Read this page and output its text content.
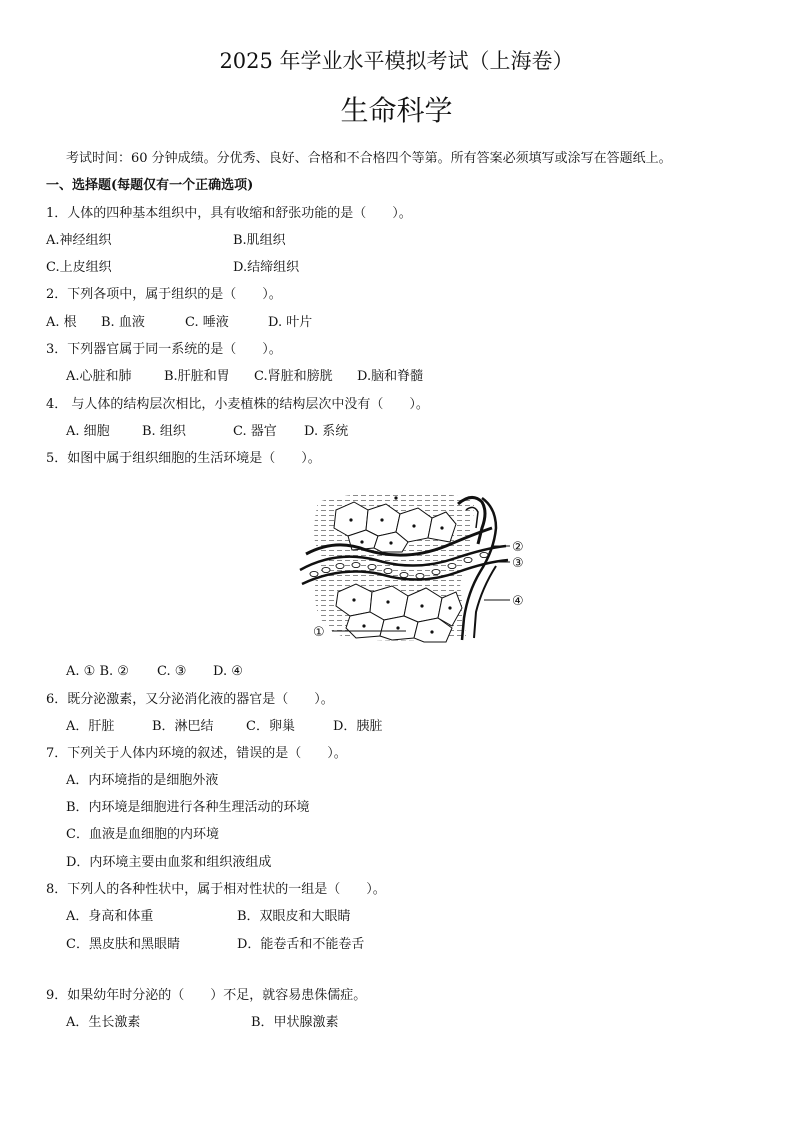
2025 年学业水平模拟考试（上海卷）
生命科学
考试时间：60 分钟成绩。分优秀、良好、合格和不合格四个等第。所有答案必须填写或涂写在答题纸上。
一、选择题(每题仅有一个正确选项)
1．人体的四种基本组织中，具有收缩和舒张功能的是（　　）。
A.神经组织	B.肌组织
C.上皮组织	D.结缔组织
2．下列各项中，属于组织的是（　　）。
A. 根 B. 血液	C. 唾液	D. 叶片
3．下列器官属于同一系统的是（　　）。
A.心脏和肺 B.肝脏和胃 C.肾脏和膀胱 D.脑和脊髓
4． 与人体的结构层次相比，小麦植株的结构层次中没有（　　）。
A. 细胞 B. 组织	C. 器官 D. 系统
5．如图中属于组织细胞的生活环境是（　　）。
①
②
③
④
A. ① B. ② C. ③ D. ④
6．既分泌激素，又分泌消化液的器官是（　　）。
A．肝脏	B．淋巴结 C．卵巢	D．胰脏
7．下列关于人体内环境的叙述，错误的是（　　）。
A．内环境指的是细胞外液
B．内环境是细胞进行各种生理活动的环境
C．血液是血细胞的内环境
D．内环境主要由血浆和组织液组成
8．下列人的各种性状中，属于相对性状的一组是（　　）。
A．身高和体重	B．双眼皮和大眼睛
C．黑皮肤和黑眼睛	D．能卷舌和不能卷舌
9．如果幼年时分泌的（　　）不足，就容易患侏儒症。
A．生长激素	B．甲状腺激素
